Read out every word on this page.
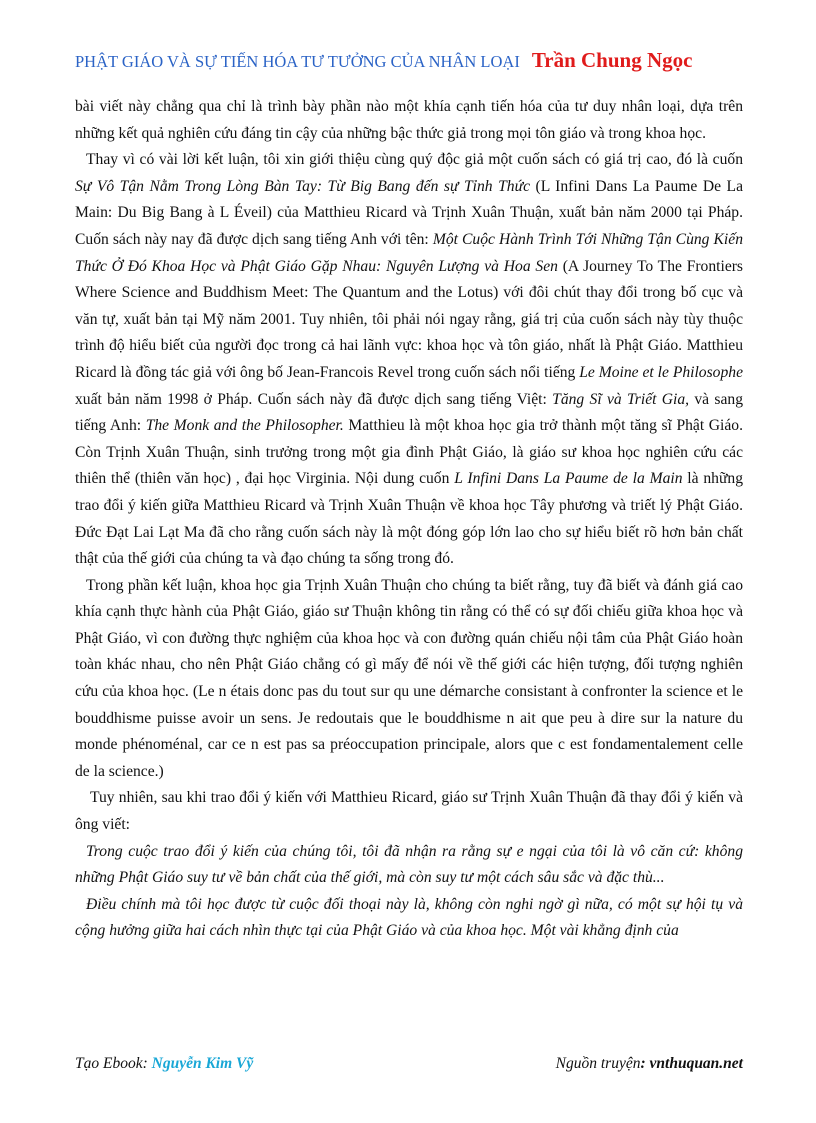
PHẬT GIÁO VÀ SỰ TIẾN HÓA TƯ TƯỞNG CỦA NHÂN LOẠI Trần Chung Ngọc

bài viết này chẳng qua chỉ là trình bày phần nào một khía cạnh tiến hóa của tư duy nhân loại, dựa trên những kết quả nghiên cứu đáng tin cậy của những bậc thức giả trong mọi tôn giáo và trong khoa học.

Thay vì có vài lời kết luận, tôi xin giới thiệu cùng quý độc giả một cuốn sách có giá trị cao, đó là cuốn Sự Vô Tận Nằm Trong Lòng Bàn Tay: Từ Big Bang đến sự Tỉnh Thức (L Infini Dans La Paume De La Main: Du Big Bang à L Éveil) của Matthieu Ricard và Trịnh Xuân Thuận, xuất bản năm 2000 tại Pháp. Cuốn sách này nay đã được dịch sang tiếng Anh với tên: Một Cuộc Hành Trình Tới Những Tận Cùng Kiến Thức Ở Đó Khoa Học và Phật Giáo Gặp Nhau: Nguyên Lượng và Hoa Sen (A Journey To The Frontiers Where Science and Buddhism Meet: The Quantum and the Lotus) với đôi chút thay đổi trong bố cục và văn tự, xuất bản tại Mỹ năm 2001. Tuy nhiên, tôi phải nói ngay rằng, giá trị của cuốn sách này tùy thuộc trình độ hiểu biết của người đọc trong cả hai lãnh vực: khoa học và tôn giáo, nhất là Phật Giáo. Matthieu Ricard là đồng tác giả với ông bố Jean-Francois Revel trong cuốn sách nổi tiếng Le Moine et le Philosophe xuất bản năm 1998 ở Pháp. Cuốn sách này đã được dịch sang tiếng Việt: Tăng Sĩ và Triết Gia, và sang tiếng Anh: The Monk and the Philosopher. Matthieu là một khoa học gia trở thành một tăng sĩ Phật Giáo. Còn Trịnh Xuân Thuận, sinh trưởng trong một gia đình Phật Giáo, là giáo sư khoa học nghiên cứu các thiên thể (thiên văn học) , đại học Virginia. Nội dung cuốn L Infini Dans La Paume de la Main là những trao đổi ý kiến giữa Matthieu Ricard và Trịnh Xuân Thuận về khoa học Tây phương và triết lý Phật Giáo. Đức Đạt Lai Lạt Ma đã cho rằng cuốn sách này là một đóng góp lớn lao cho sự hiểu biết rõ hơn bản chất thật của thế giới của chúng ta và đạo chúng ta sống trong đó.

Trong phần kết luận, khoa học gia Trịnh Xuân Thuận cho chúng ta biết rằng, tuy đã biết và đánh giá cao khía cạnh thực hành của Phật Giáo, giáo sư Thuận không tin rằng có thể có sự đối chiếu giữa khoa học và Phật Giáo, vì con đường thực nghiệm của khoa học và con đường quán chiếu nội tâm của Phật Giáo hoàn toàn khác nhau, cho nên Phật Giáo chẳng có gì mấy để nói về thế giới các hiện tượng, đối tượng nghiên cứu của khoa học. (Le n étais donc pas du tout sur qu une démarche consistant à confronter la science et le bouddhisme puisse avoir un sens. Je redoutais que le bouddhisme n ait que peu à dire sur la nature du monde phénoménal, car ce n est pas sa préoccupation principale, alors que c est fondamentalement celle de la science.)

Tuy nhiên, sau khi trao đổi ý kiến với Matthieu Ricard, giáo sư Trịnh Xuân Thuận đã thay đổi ý kiến và ông viết:

Trong cuộc trao đổi ý kiến của chúng tôi, tôi đã nhận ra rằng sự e ngại của tôi là vô căn cứ: không những Phật Giáo suy tư về bản chất của thế giới, mà còn suy tư một cách sâu sắc và đặc thù...

Điều chính mà tôi học được từ cuộc đối thoại này là, không còn nghi ngờ gì nữa, có một sự hội tụ và cộng hưởng giữa hai cách nhìn thực tại của Phật Giáo và của khoa học. Một vài khẳng định của

Tạo Ebook: Nguyễn Kim Vỹ	Nguồn truyện: vnthuquan.net
